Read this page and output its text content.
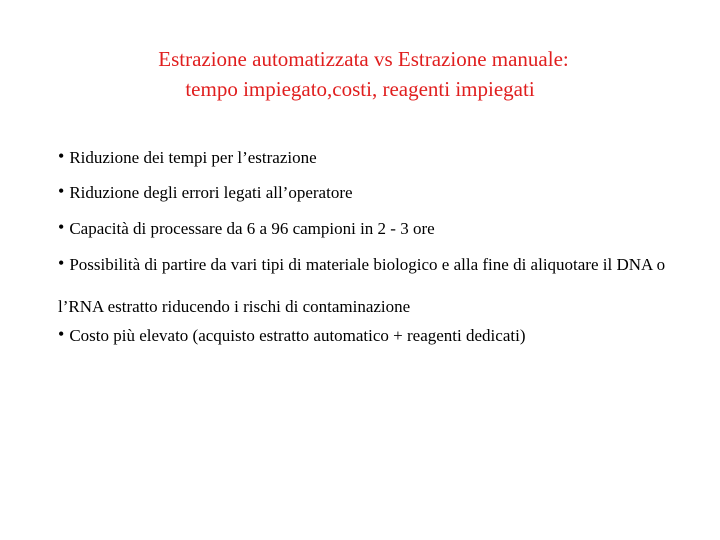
Estrazione automatizzata vs Estrazione manuale:
tempo impiegato,costi, reagenti impiegati
• Riduzione dei tempi per l’estrazione
• Riduzione degli errori legati all’operatore
• Capacità di processare da 6 a 96 campioni in 2 - 3 ore
• Possibilità di partire da vari tipi di materiale biologico e alla fine di aliquotare il DNA o l’RNA estratto riducendo i rischi di contaminazione
• Costo più elevato (acquisto estratto automatico + reagenti dedicati)
